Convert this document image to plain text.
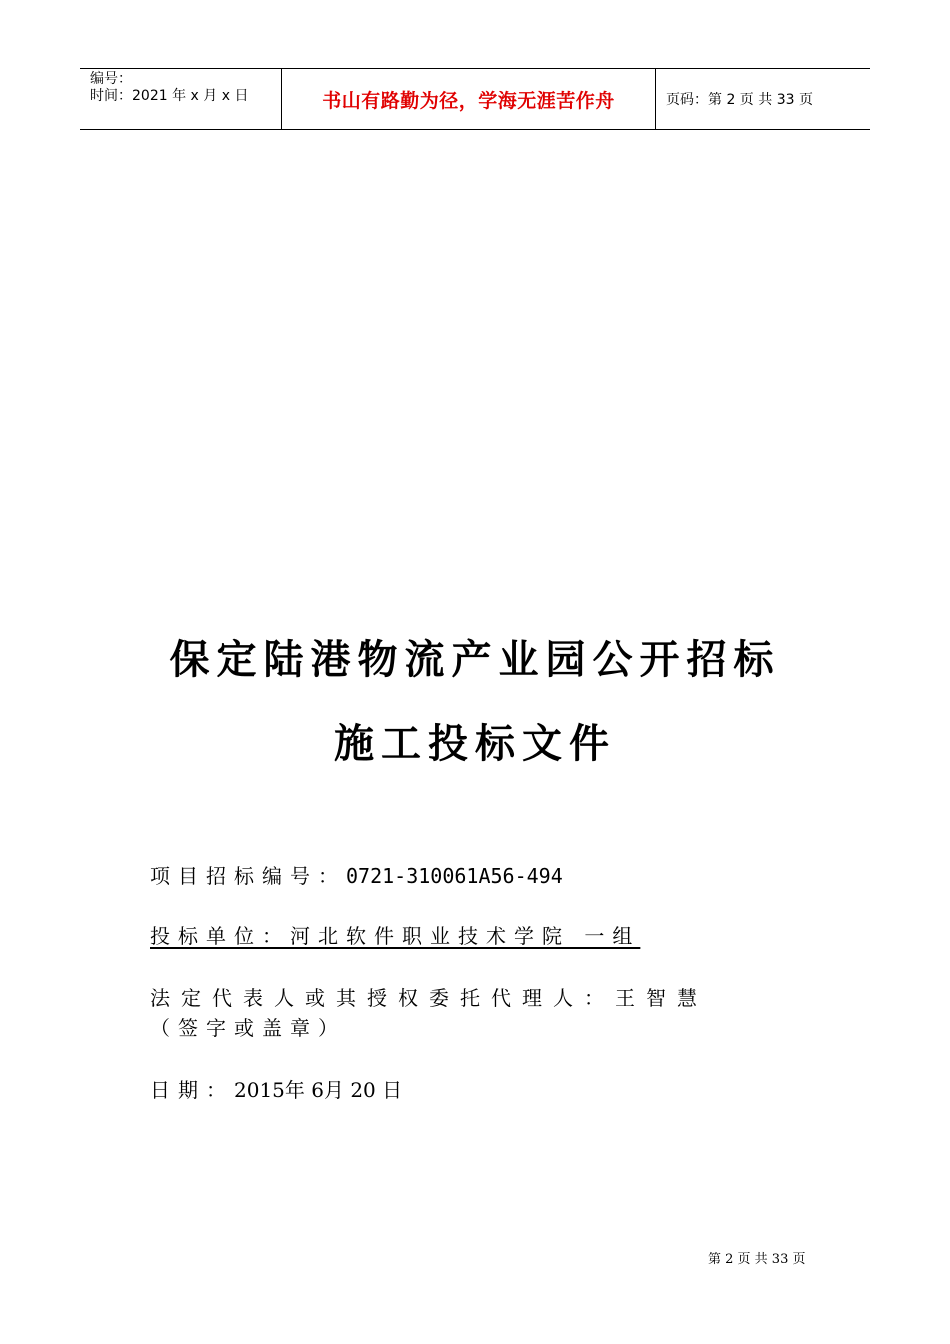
编号：
时间：2021 年 x 月 x 日	书山有路勤为径，学海无涯苦作舟	页码：第 2 页 共 33 页
保定陆港物流产业园公开招标
施工投标文件
项目招标编号：0721-310061A56-494
投标单位：河北软件职业技术学院 一组
法定代表人或其授权委托代理人：王智慧
（签字或盖章）
日期：2015年 6月 20 日
第 2 页 共 33 页
